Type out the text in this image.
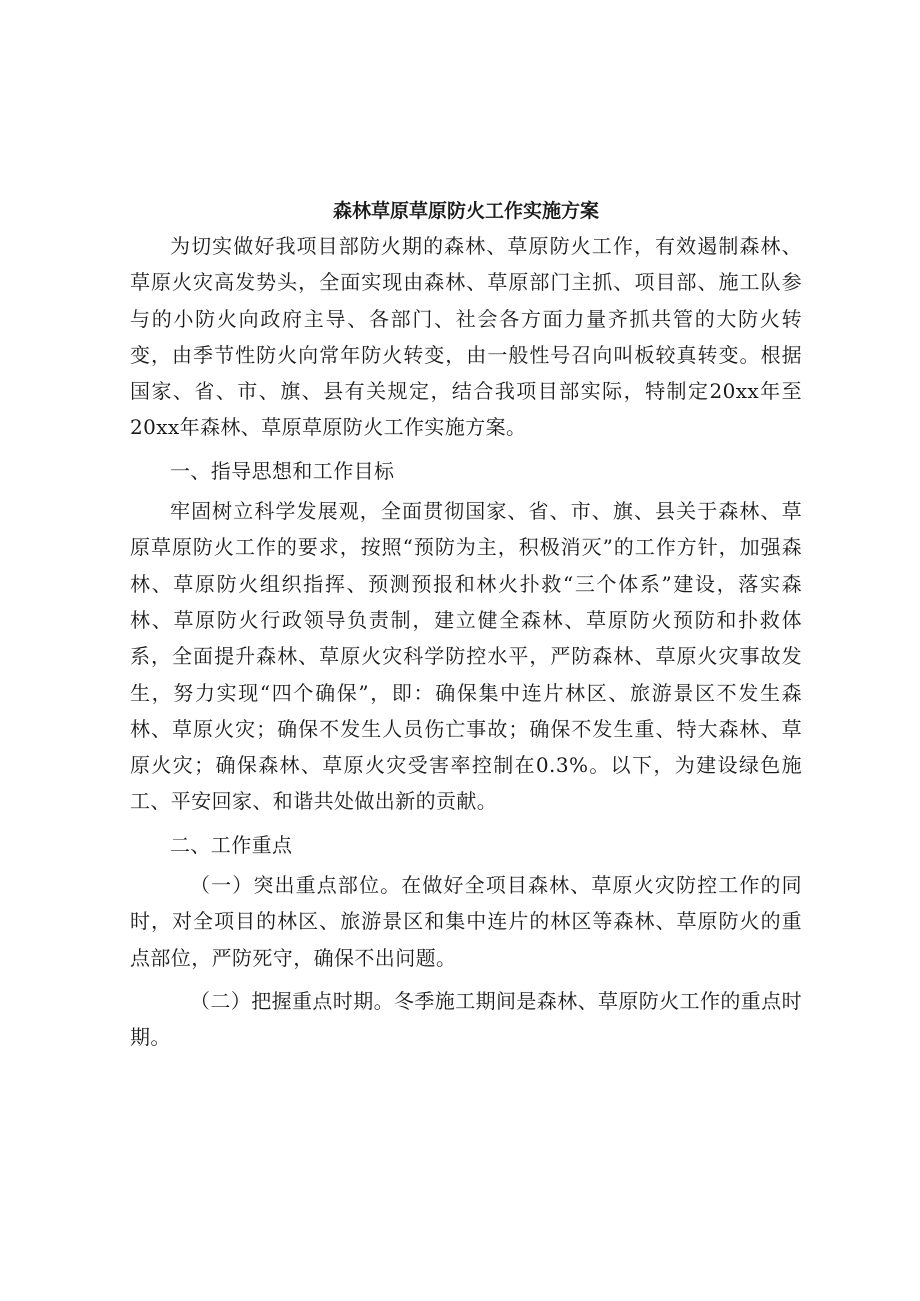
森林草原草原防火工作实施方案

为切实做好我项目部防火期的森林、草原防火工作，有效遏制森林、草原火灾高发势头，全面实现由森林、草原部门主抓、项目部、施工队参与的小防火向政府主导、各部门、社会各方面力量齐抓共管的大防火转变，由季节性防火向常年防火转变，由一般性号召向叫板较真转变。根据国家、省、市、旗、县有关规定，结合我项目部实际，特制定20xx年至20xx年森林、草原草原防火工作实施方案。

一、指导思想和工作目标

牢固树立科学发展观，全面贯彻国家、省、市、旗、县关于森林、草原草原防火工作的要求，按照“预防为主，积极消灭”的工作方针，加强森林、草原防火组织指挥、预测预报和林火扑救“三个体系”建设，落实森林、草原防火行政领导负责制，建立健全森林、草原防火预防和扑救体系，全面提升森林、草原火灾科学防控水平，严防森林、草原火灾事故发生，努力实现“四个确保”，即：确保集中连片林区、旅游景区不发生森林、草原火灾；确保不发生人员伤亡事故；确保不发生重、特大森林、草原火灾；确保森林、草原火灾受害率控制在0.3%。以下，为建设绿色施工、平安回家、和谐共处做出新的贡献。

二、工作重点

（一）突出重点部位。在做好全项目森林、草原火灾防控工作的同时，对全项目的林区、旅游景区和集中连片的林区等森林、草原防火的重点部位，严防死守，确保不出问题。

（二）把握重点时期。冬季施工期间是森林、草原防火工作的重点时期。
